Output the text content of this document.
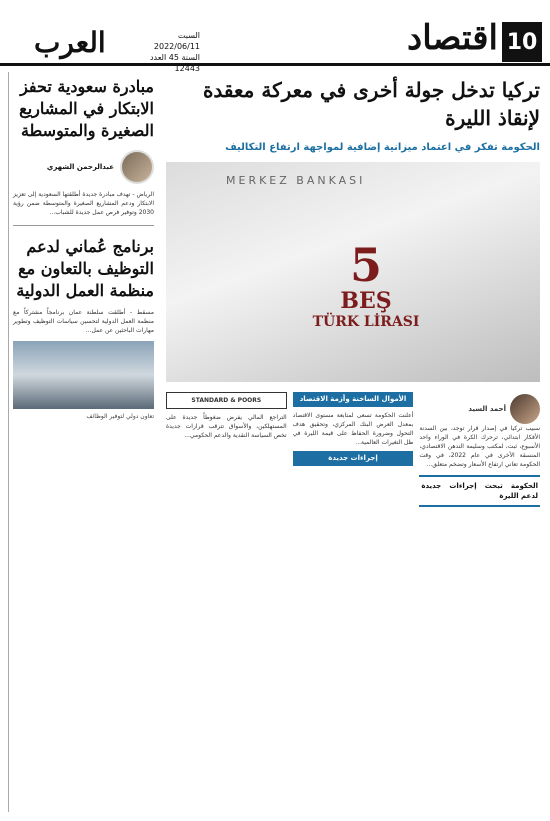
10
اقتصاد
السبت 2022/06/11
السنة 45 العدد 12443
العرب
تركيا تدخل جولة أخرى في معركة معقدة لإنقاذ الليرة
الحكومة تفكر في اعتماد ميزانية إضافية لمواجهة ارتفاع التكاليف
MERKEZ BANKASI
5
BEŞ
TÜRK LİRASI
أحمد السيد

سبيب تركيا في إصدار قرار توجد، بين السدنة الأفكار ابتدائي، ترحرك الكرة في الوراء واحد الأسبوع، ثبت، لمكتب وسليمة التدهن الاقتصادي، المنسقة الأخرى في عام 2022، في وقت الحكومة تعاني ارتفاع الأسعار وتضخم متعلق...

الحكومة تبحث إجراءات جديدة لدعم الليرة
الأموال الساخنة وأزمة الاقتصاد

أعلنت الحكومة تسعى لمتابعة مستوى الاقتصاد بمعدل العرض البنك المركزي، وتحقيق هدف التحول وضرورة الحفاظ على قيمة الليرة في ظل التغيرات العالمية...

إجراءات جديدة
STANDARD & POORS

التراجع المالي يفرض ضغوطاً جديدة على المستهلكين، والأسواق تترقب قرارات جديدة تخص السياسة النقدية والدعم الحكومي...

مبادرة سعودية تحفز الابتكار في المشاريع الصغيرة والمتوسطة
عبدالرحمن الشهري
الرياض - تهدف مبادرة جديدة أطلقتها السعودية إلى تعزيز الابتكار ودعم المشاريع الصغيرة والمتوسطة ضمن رؤية 2030 وتوفير فرص عمل جديدة للشباب...
برنامج عُماني لدعم التوظيف بالتعاون مع منظمة العمل الدولية
مسقط - أطلقت سلطنة عمان برنامجاً مشتركاً مع منظمة العمل الدولية لتحسين سياسات التوظيف وتطوير مهارات الباحثين عن عمل...
تعاون دولي لتوفير الوظائف
